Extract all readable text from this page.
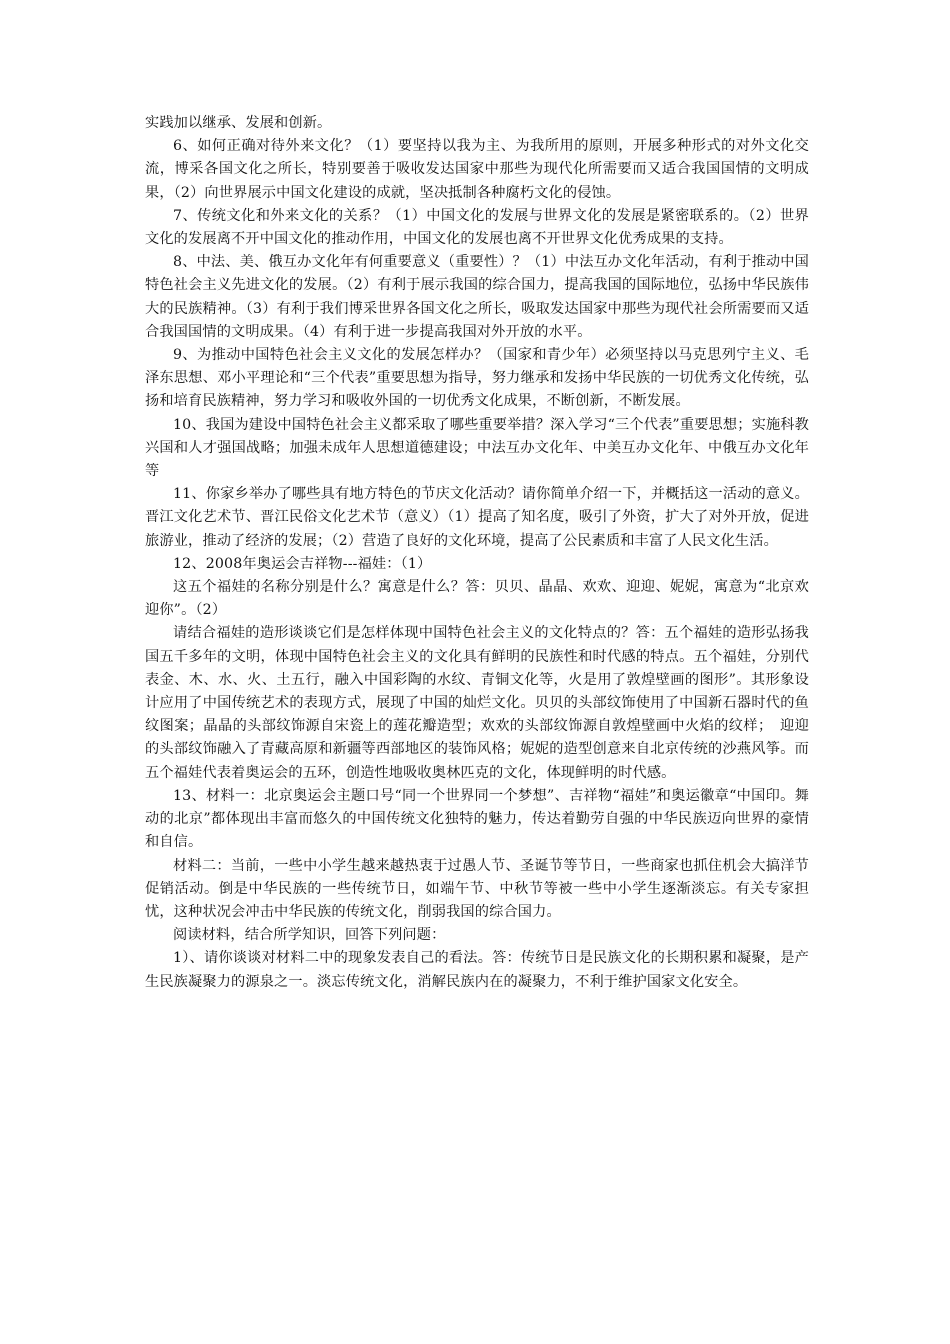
实践加以继承、发展和创新。

6、如何正确对待外来文化？（1）要坚持以我为主、为我所用的原则，开展多种形式的对外文化交流，博采各国文化之所长，特别要善于吸收发达国家中那些为现代化所需要而又适合我国国情的文明成果，（2）向世界展示中国文化建设的成就，坚决抵制各种腐朽文化的侵蚀。

7、传统文化和外来文化的关系？（1）中国文化的发展与世界文化的发展是紧密联系的。（2）世界文化的发展离不开中国文化的推动作用，中国文化的发展也离不开世界文化优秀成果的支持。

8、中法、美、俄互办文化年有何重要意义（重要性）？（1）中法互办文化年活动，有利于推动中国特色社会主义先进文化的发展。（2）有利于展示我国的综合国力，提高我国的国际地位，弘扬中华民族伟大的民族精神。（3）有利于我们博采世界各国文化之所长，吸取发达国家中那些为现代社会所需要而又适合我国国情的文明成果。（4）有利于进一步提高我国对外开放的水平。

9、为推动中国特色社会主义文化的发展怎样办？（国家和青少年）必须坚持以马克思列宁主义、毛泽东思想、邓小平理论和“三个代表”重要思想为指导，努力继承和发扬中华民族的一切优秀文化传统，弘扬和培育民族精神，努力学习和吸收外国的一切优秀文化成果，不断创新，不断发展。

10、我国为建设中国特色社会主义都采取了哪些重要举措？深入学习“三个代表”重要思想；实施科教兴国和人才强国战略；加强未成年人思想道德建设；中法互办文化年、中美互办文化年、中俄互办文化年等

11、你家乡举办了哪些具有地方特色的节庆文化活动？请你简单介绍一下，并概括这一活动的意义。晋江文化艺术节、晋江民俗文化艺术节（意义）（1）提高了知名度，吸引了外资，扩大了对外开放，促进旅游业，推动了经济的发展；（2）营造了良好的文化环境，提高了公民素质和丰富了人民文化生活。

12、2008年奥运会吉祥物---福娃：（1）

这五个福娃的名称分别是什么？寓意是什么？答：贝贝、晶晶、欢欢、迎迎、妮妮，寓意为“北京欢迎你”。（2）

请结合福娃的造形谈谈它们是怎样体现中国特色社会主义的文化特点的？答：五个福娃的造形弘扬我国五千多年的文明，体现中国特色社会主义的文化具有鲜明的民族性和时代感的特点。五个福娃，分别代表金、木、水、火、土五行，融入中国彩陶的水纹、青铜文化等，火是用了敦煌壁画的图形”。其形象设计应用了中国传统艺术的表现方式，展现了中国的灿烂文化。贝贝的头部纹饰使用了中国新石器时代的鱼纹图案；晶晶的头部纹饰源自宋瓷上的莲花瓣造型；欢欢的头部纹饰源自敦煌壁画中火焰的纹样；　迎迎的头部纹饰融入了青藏高原和新疆等西部地区的装饰风格；妮妮的造型创意来自北京传统的沙燕风筝。而五个福娃代表着奥运会的五环，创造性地吸收奥林匹克的文化，体现鲜明的时代感。

13、材料一：北京奥运会主题口号“同一个世界同一个梦想”、吉祥物“福娃”和奥运徽章“中国印。舞动的北京”都体现出丰富而悠久的中国传统文化独特的魅力，传达着勤劳自强的中华民族迈向世界的豪情和自信。

材料二：当前，一些中小学生越来越热衷于过愚人节、圣诞节等节日，一些商家也抓住机会大搞洋节促销活动。倒是中华民族的一些传统节日，如端午节、中秋节等被一些中小学生逐渐淡忘。有关专家担忧，这种状况会冲击中华民族的传统文化，削弱我国的综合国力。

阅读材料，结合所学知识，回答下列问题：

1）、请你谈谈对材料二中的现象发表自己的看法。答：传统节日是民族文化的长期积累和凝聚，是产生民族凝聚力的源泉之一。淡忘传统文化，消解民族内在的凝聚力，不利于维护国家文化安全。
